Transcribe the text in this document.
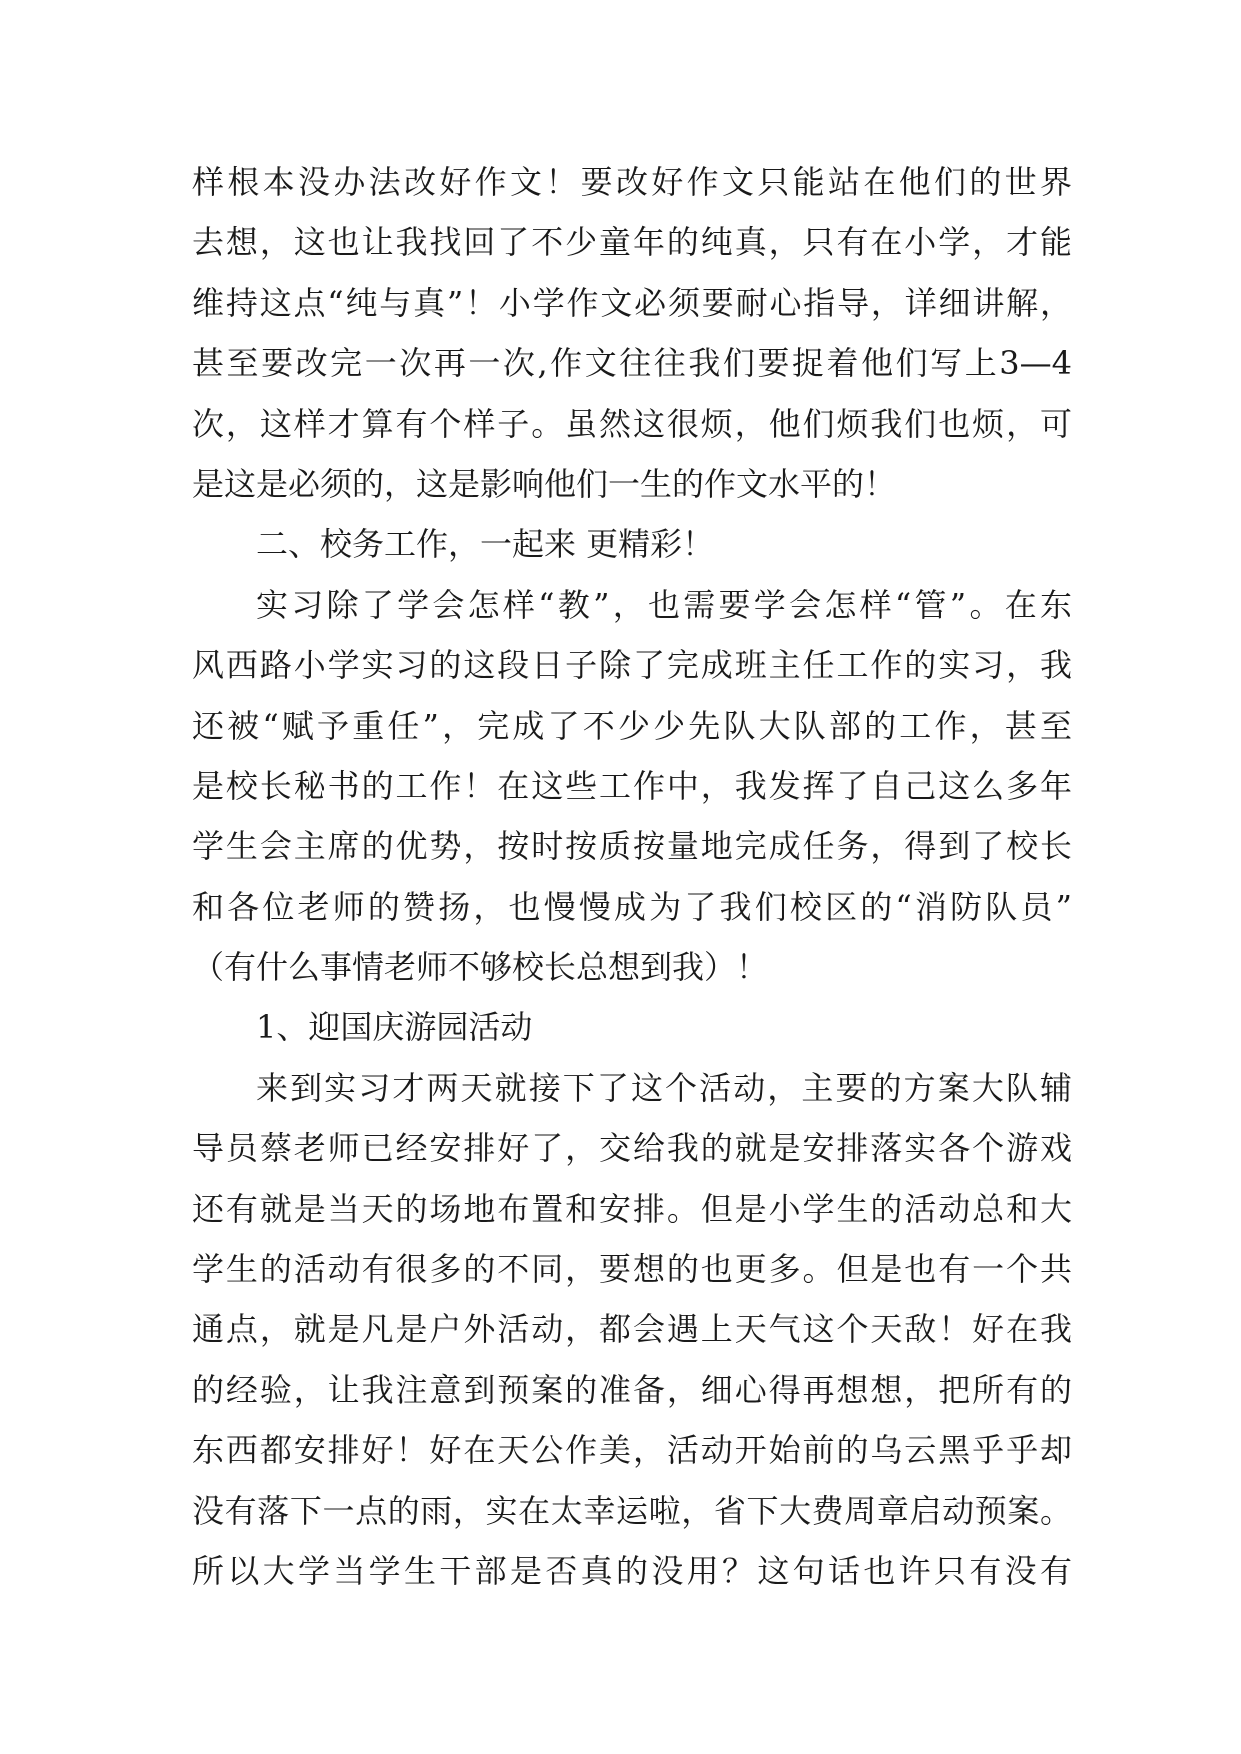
样根本没办法改好作文！要改好作文只能站在他们的世界
去想，这也让我找回了不少童年的纯真，只有在小学，才能
维持这点“纯与真”！小学作文必须要耐心指导，详细讲解，
甚至要改完一次再一次,作文往往我们要捉着他们写上3—4
次，这样才算有个样子。虽然这很烦，他们烦我们也烦，可
是这是必须的，这是影响他们一生的作文水平的！
二、校务工作，一起来 更精彩！
实习除了学会怎样“教”，也需要学会怎样“管”。在东
风西路小学实习的这段日子除了完成班主任工作的实习，我
还被“赋予重任”，完成了不少少先队大队部的工作，甚至
是校长秘书的工作！在这些工作中，我发挥了自己这么多年
学生会主席的优势，按时按质按量地完成任务，得到了校长
和各位老师的赞扬，也慢慢成为了我们校区的“消防队员”
（有什么事情老师不够校长总想到我）！
1、迎国庆游园活动
来到实习才两天就接下了这个活动，主要的方案大队辅
导员蔡老师已经安排好了，交给我的就是安排落实各个游戏
还有就是当天的场地布置和安排。但是小学生的活动总和大
学生的活动有很多的不同，要想的也更多。但是也有一个共
通点，就是凡是户外活动，都会遇上天气这个天敌！好在我
的经验，让我注意到预案的准备，细心得再想想，把所有的
东西都安排好！好在天公作美，活动开始前的乌云黑乎乎却
没有落下一点的雨，实在太幸运啦，省下大费周章启动预案。
所以大学当学生干部是否真的没用？这句话也许只有没有
